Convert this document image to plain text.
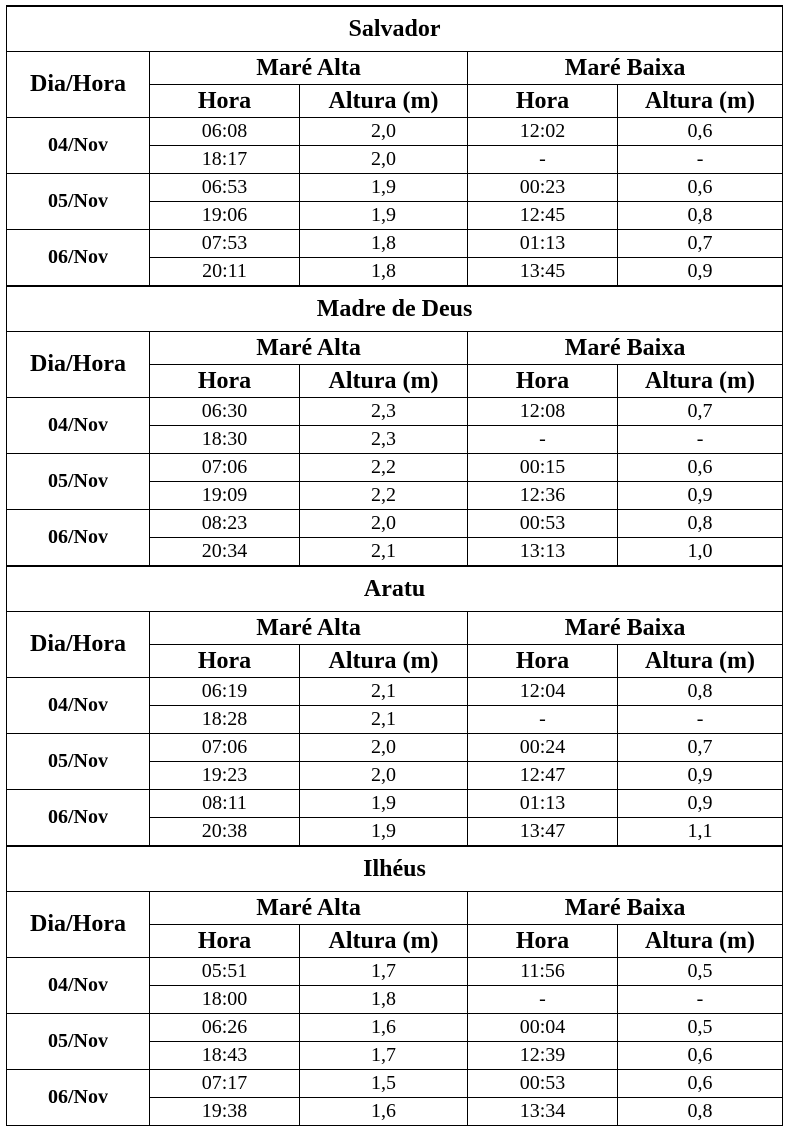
Salvador				
Dia/Hora	Maré Alta		Maré Baixa	
	Hora	Altura (m)	Hora	Altura (m)
04/Nov	06:08	2,0	12:02	0,6
	18:17	2,0	-	-
05/Nov	06:53	1,9	00:23	0,6
	19:06	1,9	12:45	0,8
06/Nov	07:53	1,8	01:13	0,7
	20:11	1,8	13:45	0,9
Madre de Deus				
Dia/Hora	Maré Alta		Maré Baixa	
	Hora	Altura (m)	Hora	Altura (m)
04/Nov	06:30	2,3	12:08	0,7
	18:30	2,3	-	-
05/Nov	07:06	2,2	00:15	0,6
	19:09	2,2	12:36	0,9
06/Nov	08:23	2,0	00:53	0,8
	20:34	2,1	13:13	1,0
Aratu				
Dia/Hora	Maré Alta		Maré Baixa	
	Hora	Altura (m)	Hora	Altura (m)
04/Nov	06:19	2,1	12:04	0,8
	18:28	2,1	-	-
05/Nov	07:06	2,0	00:24	0,7
	19:23	2,0	12:47	0,9
06/Nov	08:11	1,9	01:13	0,9
	20:38	1,9	13:47	1,1
Ilhéus				
Dia/Hora	Maré Alta		Maré Baixa	
	Hora	Altura (m)	Hora	Altura (m)
04/Nov	05:51	1,7	11:56	0,5
	18:00	1,8	-	-
05/Nov	06:26	1,6	00:04	0,5
	18:43	1,7	12:39	0,6
06/Nov	07:17	1,5	00:53	0,6
	19:38	1,6	13:34	0,8
